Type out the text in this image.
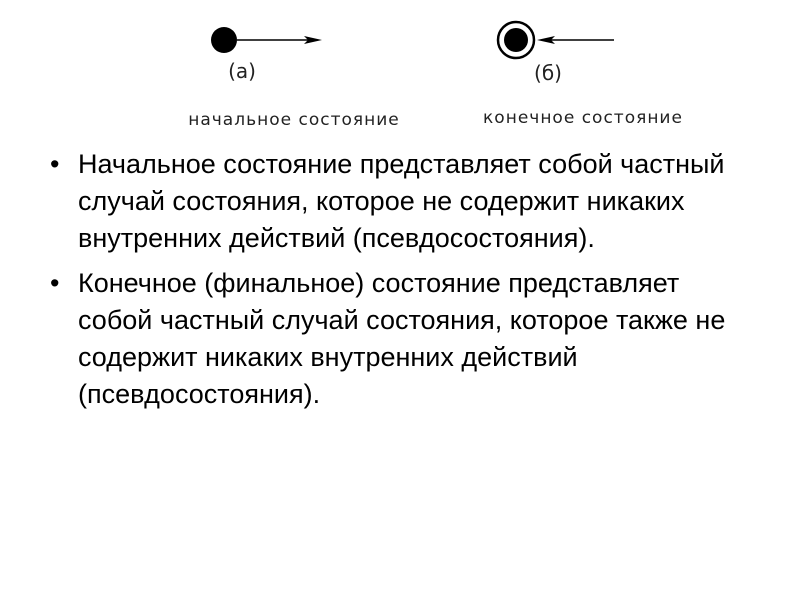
(а)
начальное состояние
(б)
конечное состояние
• Начальное состояние представляет собой частный случай состояния, которое не содержит никаких внутренних действий (псевдосостояния).
• Конечное (финальное) состояние представляет собой частный случай состояния, которое также не содержит никаких внутренних действий (псевдосостояния).
